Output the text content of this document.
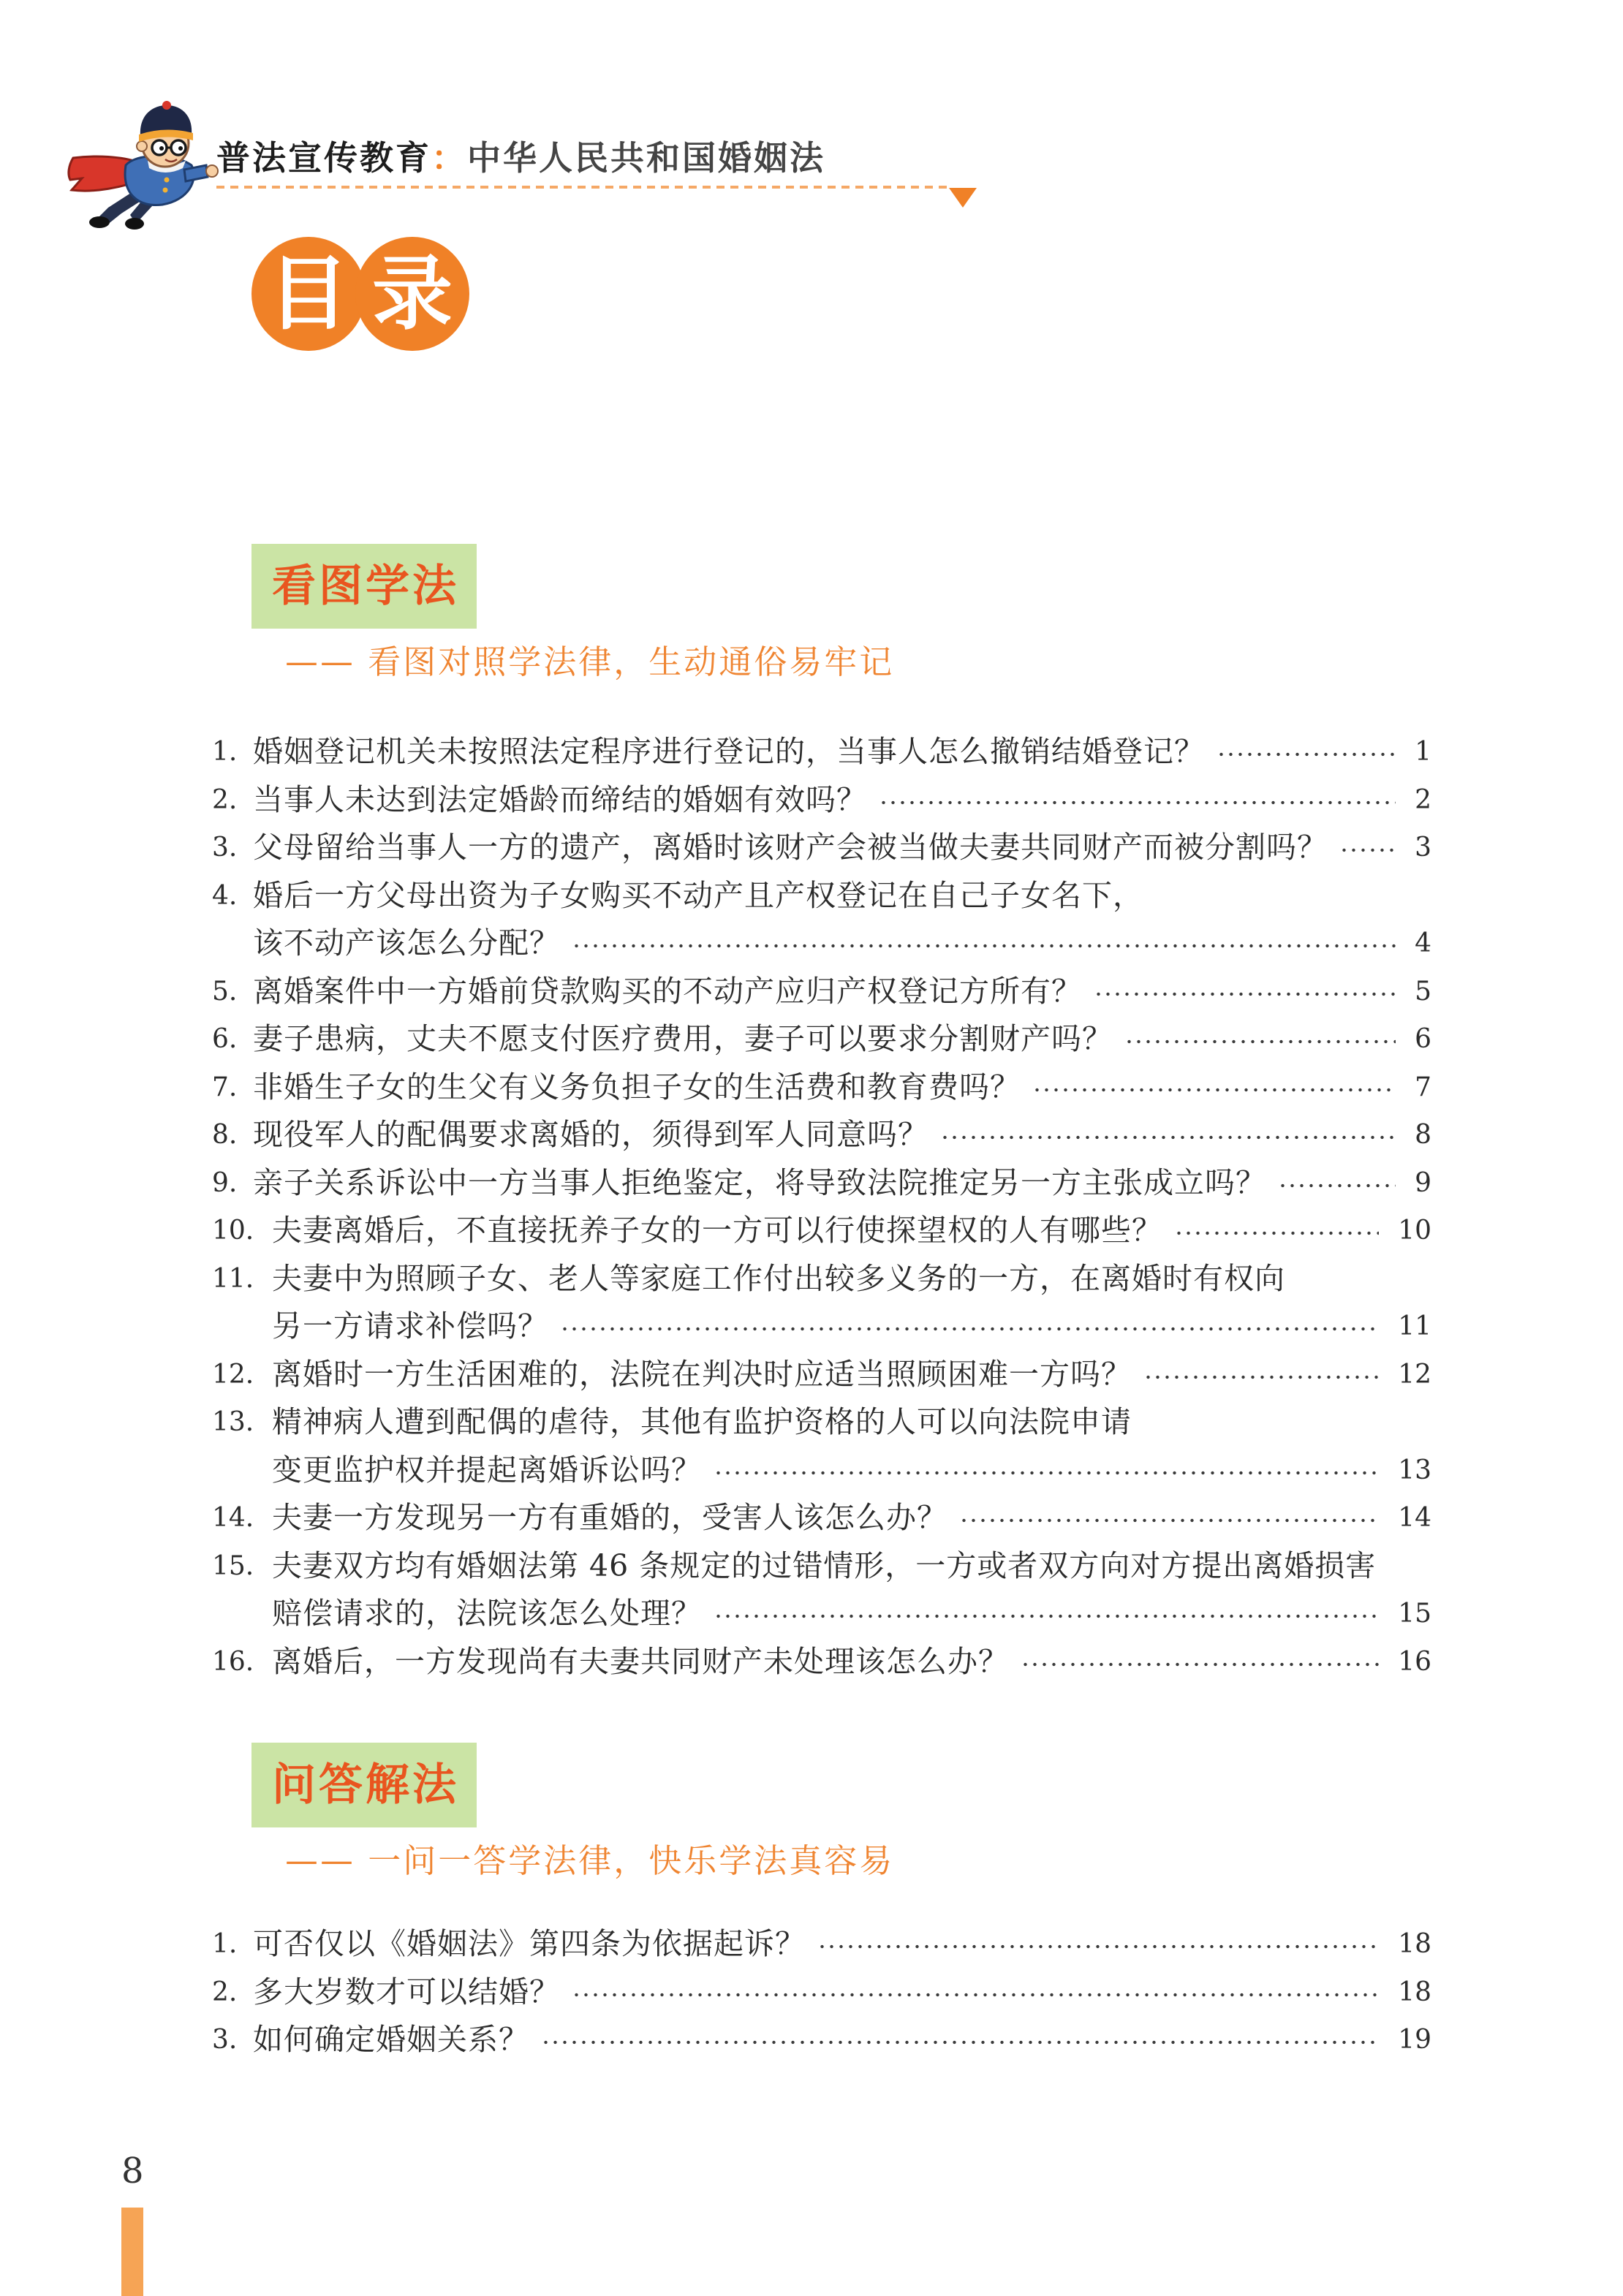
普法宣传教育：中华人民共和国婚姻法
目 录
看图学法
—— 看图对照学法律，生动通俗易牢记
1. 婚姻登记机关未按照法定程序进行登记的，当事人怎么撤销结婚登记？	1
2. 当事人未达到法定婚龄而缔结的婚姻有效吗？	2
3. 父母留给当事人一方的遗产，离婚时该财产会被当做夫妻共同财产而被分割吗？	3
4. 婚后一方父母出资为子女购买不动产且产权登记在自己子女名下，
该不动产该怎么分配？	4
5. 离婚案件中一方婚前贷款购买的不动产应归产权登记方所有？	5
6. 妻子患病，丈夫不愿支付医疗费用，妻子可以要求分割财产吗？	6
7. 非婚生子女的生父有义务负担子女的生活费和教育费吗？	7
8. 现役军人的配偶要求离婚的，须得到军人同意吗？	8
9. 亲子关系诉讼中一方当事人拒绝鉴定，将导致法院推定另一方主张成立吗？	9
10. 夫妻离婚后，不直接抚养子女的一方可以行使探望权的人有哪些？	10
11. 夫妻中为照顾子女、老人等家庭工作付出较多义务的一方，在离婚时有权向
另一方请求补偿吗？	11
12. 离婚时一方生活困难的，法院在判决时应适当照顾困难一方吗？	12
13. 精神病人遭到配偶的虐待，其他有监护资格的人可以向法院申请
变更监护权并提起离婚诉讼吗？	13
14. 夫妻一方发现另一方有重婚的，受害人该怎么办？	14
15. 夫妻双方均有婚姻法第 46 条规定的过错情形，一方或者双方向对方提出离婚损害
赔偿请求的，法院该怎么处理？	15
16. 离婚后，一方发现尚有夫妻共同财产未处理该怎么办？	16
问答解法
—— 一问一答学法律，快乐学法真容易
1. 可否仅以《婚姻法》第四条为依据起诉？	18
2. 多大岁数才可以结婚？	18
3. 如何确定婚姻关系？	19
8
